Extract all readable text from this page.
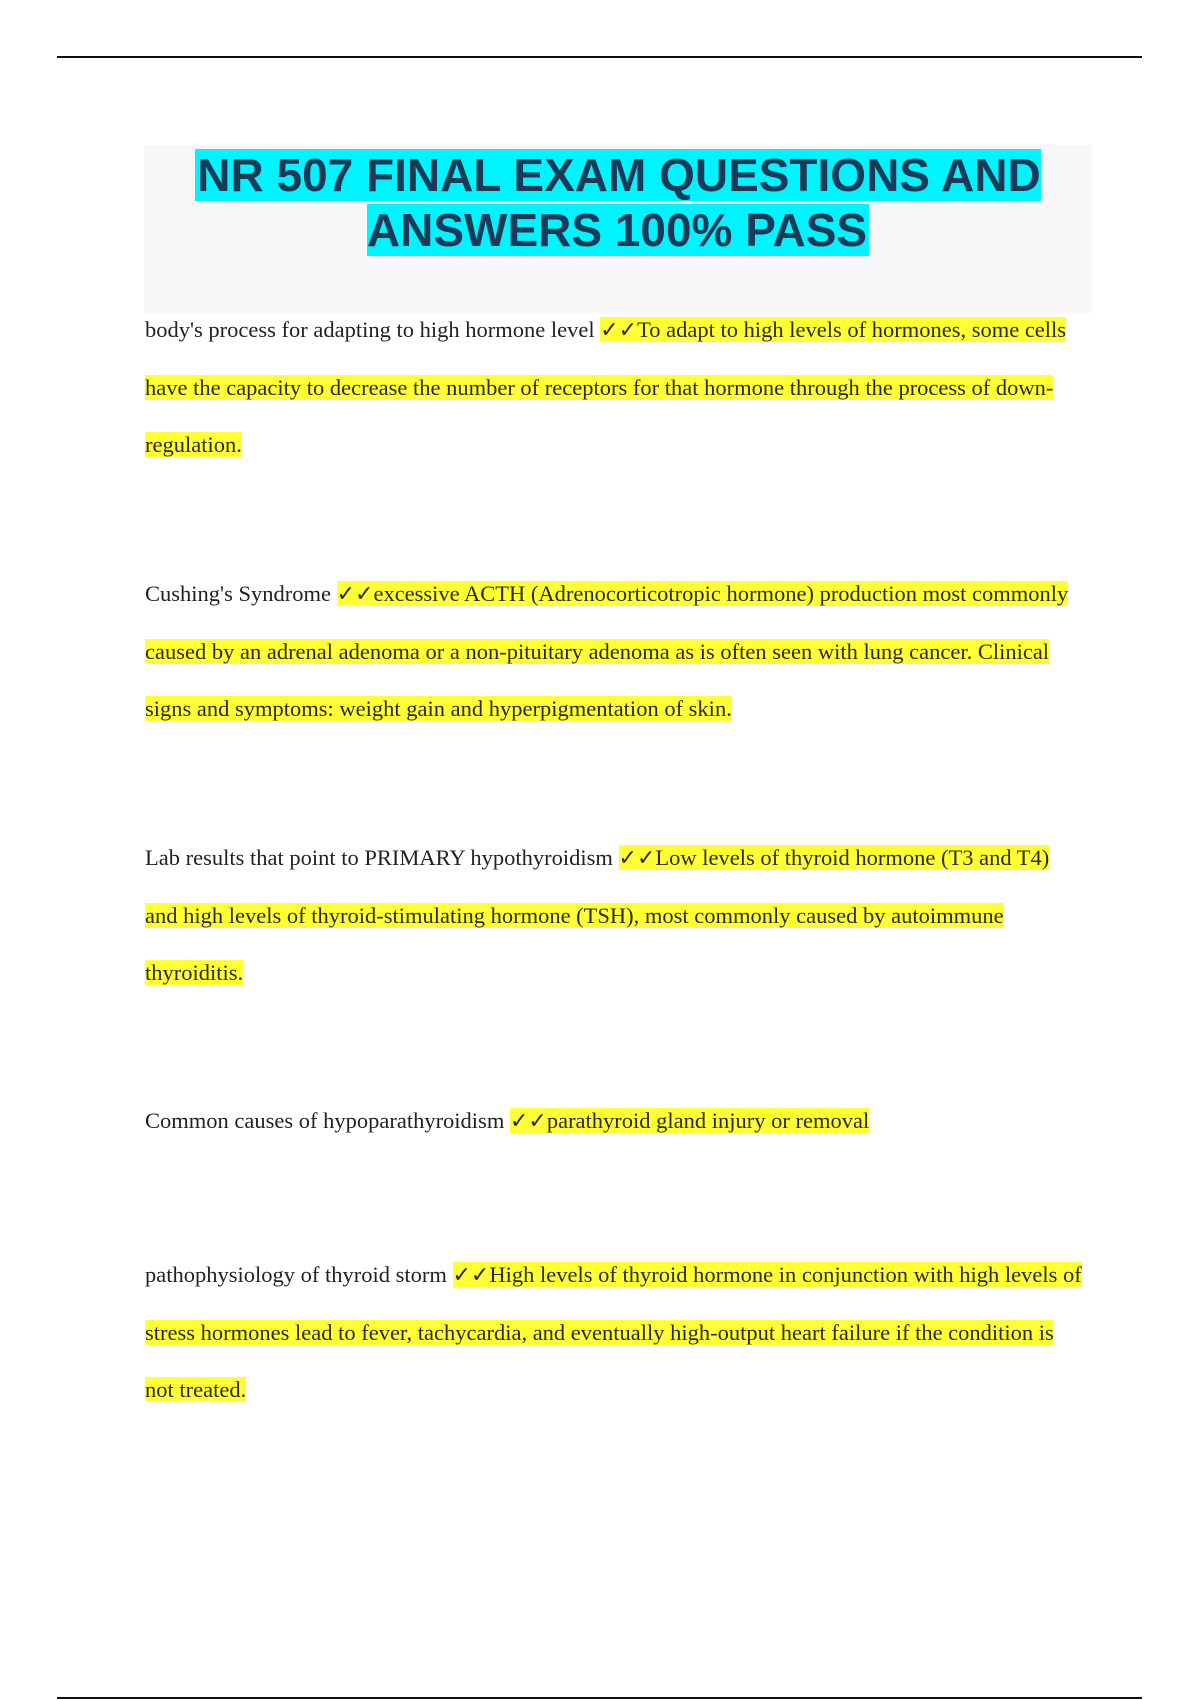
NR 507 FINAL EXAM QUESTIONS AND ANSWERS 100% PASS

body's process for adapting to high hormone level ✓✓To adapt to high levels of hormones, some cells have the capacity to decrease the number of receptors for that hormone through the process of down-regulation.

Cushing's Syndrome ✓✓excessive ACTH (Adrenocorticotropic hormone) production most commonly caused by an adrenal adenoma or a non-pituitary adenoma as is often seen with lung cancer. Clinical signs and symptoms: weight gain and hyperpigmentation of skin.

Lab results that point to PRIMARY hypothyroidism ✓✓Low levels of thyroid hormone (T3 and T4) and high levels of thyroid-stimulating hormone (TSH), most commonly caused by autoimmune thyroiditis.

Common causes of hypoparathyroidism ✓✓parathyroid gland injury or removal

pathophysiology of thyroid storm ✓✓High levels of thyroid hormone in conjunction with high levels of stress hormones lead to fever, tachycardia, and eventually high-output heart failure if the condition is not treated.
